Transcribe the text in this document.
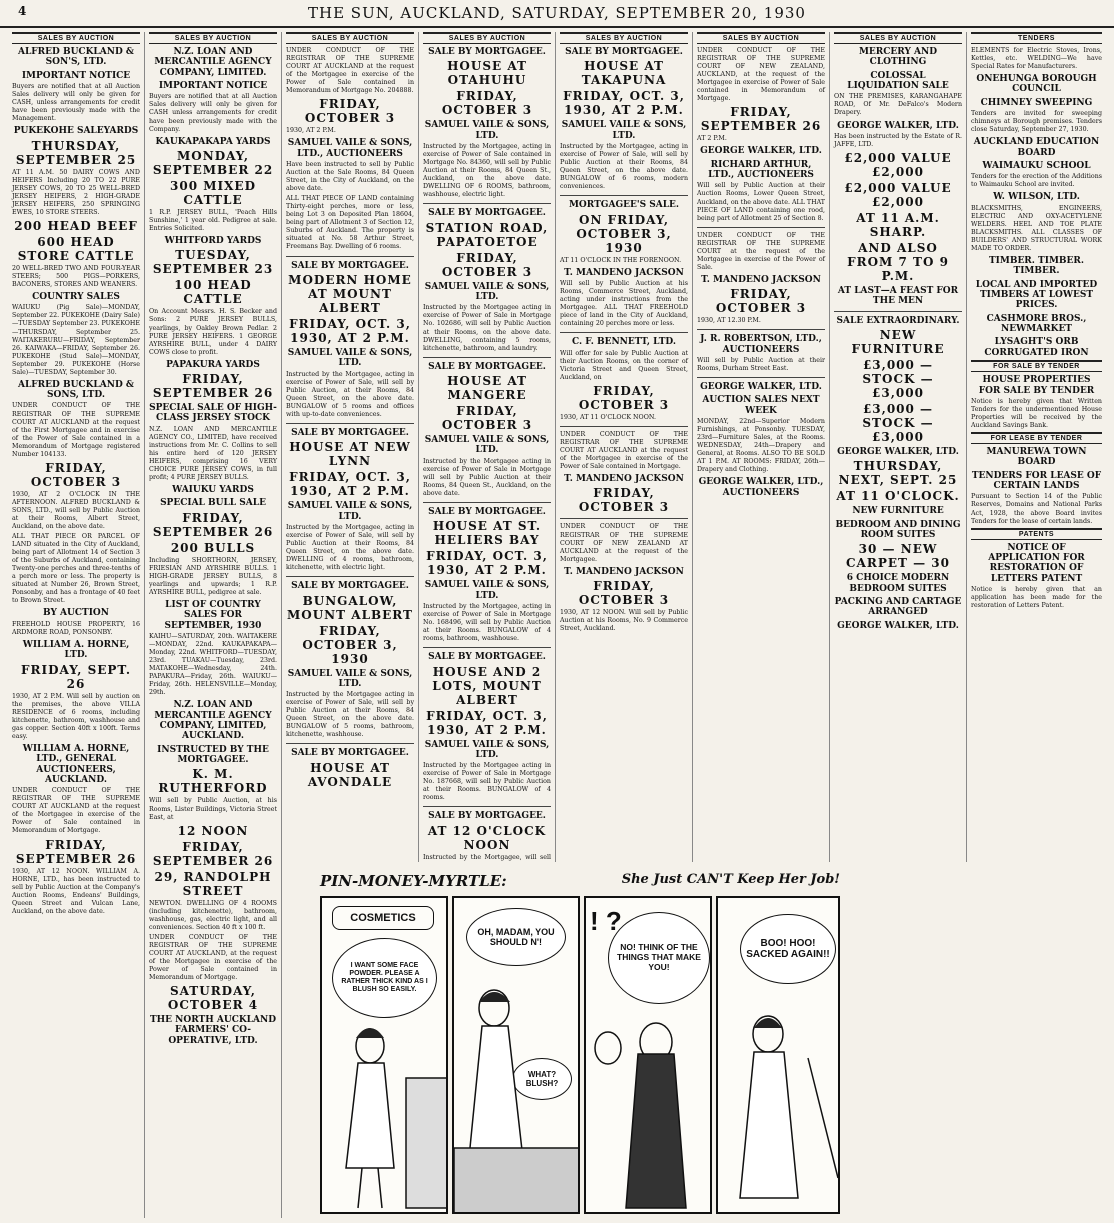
4	THE SUN, AUCKLAND, SATURDAY, SEPTEMBER 20, 1930
SALES BY AUCTION
ALFRED BUCKLAND & SON'S, LTD.
IMPORTANT NOTICE
Buyers are notified that at all Auction Sales delivery will only be given for CASH, unless arrangements for credit have been previously made with the Management.
PUKEKOHE SALEYARDS
THURSDAY, SEPTEMBER 25
AT 11 A.M. 50 DAIRY COWS AND HEIFERS Including 20 TO 22 PURE JERSEY COWS, 20 TO 25 WELL-BRED JERSEY HEIFERS, 2 HIGH-GRADE JERSEY HEIFERS, 250 SPRINGING EWES, 10 STORE STEERS.
200 HEAD BEEF
600 HEAD STORE CATTLE
20 WELL-BRED TWO AND FOUR-YEAR STEERS; 500 PIGS—PORKERS, BACONERS, STORES AND WEANERS.
COUNTRY SALES
WAIUKU (Pig Sale)—MONDAY, September 22. PUKEKOHE (Dairy Sale)—TUESDAY September 23. PUKEKOHE—THURSDAY, September 25. WAITAKERURU—FRIDAY, September 26. KAIWAKA—FRIDAY, September 26. PUKEKOHE (Stud Sale)—MONDAY, September 29. PUKEKOHE (Horse Sale)—TUESDAY, September 30.
ALFRED BUCKLAND & SONS, LTD.
UNDER CONDUCT OF THE REGISTRAR OF THE SUPREME COURT AT AUCKLAND at the request of the First Mortgagee and in exercise of the Power of Sale contained in a Memorandum of Mortgage registered Number 104133.
FRIDAY, OCTOBER 3
1930, AT 2 O'CLOCK IN THE AFTERNOON. ALFRED BUCKLAND & SONS, LTD., will sell by Public Auction at their Rooms, Albert Street, Auckland, on the above date.
ALL THAT PIECE OR PARCEL OF LAND situated in the City of Auckland, being part of Allotment 14 of Section 3 of the Suburbs of Auckland, containing Twenty-one perches and three-tenths of a perch more or less. The property is situated at Number 26, Brown Street, Ponsonby, and has a frontage of 40 feet to Brown Street.
BY AUCTION
FREEHOLD HOUSE PROPERTY, 16 ARDMORE ROAD, PONSONBY.
WILLIAM A. HORNE, LTD.
FRIDAY, SEPT. 26
1930, AT 2 P.M. Will sell by auction on the premises, the above VILLA RESIDENCE of 6 rooms, including kitchenette, bathroom, washhouse and gas copper. Section 40ft x 100ft. Terms easy.
WILLIAM A. HORNE, LTD., GENERAL AUCTIONEERS, AUCKLAND.
UNDER CONDUCT OF THE REGISTRAR OF THE SUPREME COURT AT AUCKLAND at the request of the Mortgagee in exercise of the Power of Sale contained in Memorandum of Mortgage.
FRIDAY, SEPTEMBER 26
1930, AT 12 NOON. WILLIAM A. HORNE, LTD., has been instructed to sell by Public Auction at the Company's Auction Rooms, Endeans' Buildings, Queen Street and Vulcan Lane, Auckland, on the above date.
SALES BY AUCTION
N.Z. LOAN AND MERCANTILE AGENCY COMPANY, LIMITED.
IMPORTANT NOTICE
Buyers are notified that at all Auction Sales delivery will only be given for CASH unless arrangements for credit have been previously made with the Company.
KAUKAPAKAPA YARDS
MONDAY, SEPTEMBER 22
300 MIXED CATTLE
1 R.P. JERSEY BULL, 'Peach Hills Sunshine,' 1 year old. Pedigree at sale. Entries Solicited.
WHITFORD YARDS
TUESDAY, SEPTEMBER 23
100 HEAD CATTLE
On Account Messrs. H. S. Becker and Sons: 2 PURE JERSEY BULLS, yearlings, by Oakley Brown Pedlar. 2 PURE JERSEY HEIFERS. 1 GEORGE AYRSHIRE BULL, under 4 DAIRY COWS close to profit.
PAPAKURA YARDS
FRIDAY, SEPTEMBER 26
SPECIAL SALE OF HIGH-CLASS JERSEY STOCK
N.Z. LOAN AND MERCANTILE AGENCY CO., LIMITED, have received instructions from Mr. C. Collins to sell his entire herd of 120 JERSEY HEIFERS, comprising 16 VERY CHOICE PURE JERSEY COWS, in full profit; 4 PURE JERSEY BULLS.
WAIUKU YARDS
SPECIAL BULL SALE
FRIDAY, SEPTEMBER 26
200 BULLS
Including SHORTHORN, JERSEY, FRIESIAN AND AYRSHIRE BULLS. 1 HIGH-GRADE JERSEY BULLS, 8 yearlings and upwards; 1 R.P. AYRSHIRE BULL, pedigree at sale.
LIST OF COUNTRY SALES FOR SEPTEMBER, 1930
KAIHU—SATURDAY, 20th. WAITAKERE—MONDAY, 22nd. KAUKAPAKAPA—Monday, 22nd. WHITFORD—TUESDAY, 23rd. TUAKAU—Tuesday, 23rd. MATAKOHE—Wednesday, 24th. PAPAKURA—Friday, 26th. WAIUKU—Friday, 26th. HELENSVILLE—Monday, 29th.
N.Z. LOAN AND MERCANTILE AGENCY COMPANY, LIMITED, AUCKLAND.
INSTRUCTED BY THE MORTGAGEE.
K. M. RUTHERFORD
Will sell by Public Auction, at his Rooms, Lister Buildings, Victoria Street East, at
12 NOON
FRIDAY, SEPTEMBER 26
29, RANDOLPH STREET
NEWTON. DWELLING OF 4 ROOMS (including kitchenette), bathroom, washhouse, gas, electric light, and all conveniences. Section 40 ft x 100 ft.
UNDER CONDUCT OF THE REGISTRAR OF THE SUPREME COURT AT AUCKLAND, at the request of the Mortgagee in exercise of the Power of Sale contained in Memorandum of Mortgage.
SATURDAY, OCTOBER 4
THE NORTH AUCKLAND FARMERS' CO-OPERATIVE, LTD.
SALES BY AUCTION
UNDER CONDUCT OF THE REGISTRAR OF THE SUPREME COURT AT AUCKLAND at the request of the Mortgagee in exercise of the Power of Sale contained in Memorandum of Mortgage No. 204888.
FRIDAY, OCTOBER 3
1930, AT 2 P.M.
SAMUEL VAILE & SONS, LTD., AUCTIONEERS
Have been instructed to sell by Public Auction at the Sale Rooms, 84 Queen Street, in the City of Auckland, on the above date.
ALL THAT PIECE OF LAND containing Thirty-eight perches, more or less, being Lot 3 on Deposited Plan 18604, being part of Allotment 3 of Section 12, Suburbs of Auckland. The property is situated at No. 58 Arthur Street, Freemans Bay. Dwelling of 6 rooms.
SALE BY MORTGAGEE.
MODERN HOME AT MOUNT ALBERT
FRIDAY, OCT. 3, 1930, AT 2 P.M.
SAMUEL VAILE & SONS, LTD.
Instructed by the Mortgagee, acting in exercise of Power of Sale, will sell by Public Auction, at their Rooms, 84 Queen Street, on the above date. BUNGALOW of 5 rooms and offices with up-to-date conveniences.
SALE BY MORTGAGEE.
HOUSE AT NEW LYNN
FRIDAY, OCT. 3, 1930, AT 2 P.M.
SAMUEL VAILE & SONS, LTD.
Instructed by the Mortgagee, acting in exercise of Power of Sale, will sell by Public Auction at their Rooms, 84 Queen Street, on the above date. DWELLING of 4 rooms, bathroom, kitchenette, with electric light.
SALE BY MORTGAGEE.
BUNGALOW, MOUNT ALBERT
FRIDAY, OCTOBER 3, 1930
SAMUEL VAILE & SONS, LTD.
Instructed by the Mortgagee acting in exercise of Power of Sale, will sell by Public Auction at their Rooms, 84 Queen Street, on the above date. BUNGALOW of 5 rooms, bathroom, kitchenette, washhouse.
SALE BY MORTGAGEE.
HOUSE AT AVONDALE
SALES BY AUCTION
SALE BY MORTGAGEE.
HOUSE AT OTAHUHU
FRIDAY, OCTOBER 3
SAMUEL VAILE & SONS, LTD.
Instructed by the Mortgagee, acting in exercise of Power of Sale contained in Mortgage No. 84360, will sell by Public Auction at their Rooms, 84 Queen St., Auckland, on the above date. DWELLING OF 6 ROOMS, bathroom, washhouse, electric light.
SALE BY MORTGAGEE.
STATION ROAD, PAPATOETOE
FRIDAY, OCTOBER 3
SAMUEL VAILE & SONS, LTD.
Instructed by the Mortgagee acting in exercise of Power of Sale in Mortgage No. 102686, will sell by Public Auction at their Rooms, on the above date. DWELLING, containing 5 rooms, kitchenette, bathroom, and laundry.
SALE BY MORTGAGEE.
HOUSE AT MANGERE
FRIDAY, OCTOBER 3
SAMUEL VAILE & SONS, LTD.
Instructed by the Mortgagee acting in exercise of Power of Sale in Mortgage will sell by Public Auction at their Rooms, 84 Queen St., Auckland, on the above date.
SALE BY MORTGAGEE.
HOUSE AT ST. HELIERS BAY
FRIDAY, OCT. 3, 1930, AT 2 P.M.
SAMUEL VAILE & SONS, LTD.
Instructed by the Mortgagee, acting in exercise of Power of Sale in Mortgage No. 168496, will sell by Public Auction at their Rooms. BUNGALOW of 4 rooms, bathroom, washhouse.
SALE BY MORTGAGEE.
HOUSE AND 2 LOTS, MOUNT ALBERT
FRIDAY, OCT. 3, 1930, AT 2 P.M.
SAMUEL VAILE & SONS, LTD.
Instructed by the Mortgagee acting in exercise of Power of Sale in Mortgage No. 187668, will sell by Public Auction at their Rooms. BUNGALOW of 4 rooms.
SALE BY MORTGAGEE.
AT 12 O'CLOCK NOON
Instructed by the Mortgagee, will sell
SALES BY AUCTION
SALE BY MORTGAGEE.
HOUSE AT TAKAPUNA
FRIDAY, OCT. 3, 1930, AT 2 P.M.
SAMUEL VAILE & SONS, LTD.
Instructed by the Mortgagee, acting in exercise of Power of Sale, will sell by Public Auction at their Rooms, 84 Queen Street, on the above date. BUNGALOW of 6 rooms, modern conveniences.
MORTGAGEE'S SALE.
ON FRIDAY, OCTOBER 3, 1930
AT 11 O'CLOCK IN THE FORENOON.
T. MANDENO JACKSON
Will sell by Public Auction at his Rooms, Commerce Street, Auckland, acting under instructions from the Mortgagee. ALL THAT FREEHOLD piece of land in the City of Auckland, containing 20 perches more or less.
C. F. BENNETT, LTD.
Will offer for sale by Public Auction at their Auction Rooms, on the corner of Victoria Street and Queen Street, Auckland, on
FRIDAY, OCTOBER 3
1930, AT 11 O'CLOCK NOON.
UNDER CONDUCT OF THE REGISTRAR OF THE SUPREME COURT AT AUCKLAND at the request of the Mortgagee in exercise of the Power of Sale contained in Mortgage.
T. MANDENO JACKSON
FRIDAY, OCTOBER 3
UNDER CONDUCT OF THE REGISTRAR OF THE SUPREME COURT OF NEW ZEALAND AT AUCKLAND at the request of the Mortgagee.
T. MANDENO JACKSON
FRIDAY, OCTOBER 3
1930, AT 12 NOON. Will sell by Public Auction at his Rooms, No. 9 Commerce Street, Auckland.
SALES BY AUCTION
UNDER CONDUCT OF THE REGISTRAR OF THE SUPREME COURT OF NEW ZEALAND, AUCKLAND, at the request of the Mortgagee in exercise of Power of Sale contained in Memorandum of Mortgage.
FRIDAY, SEPTEMBER 26
AT 2 P.M.
GEORGE WALKER, LTD.
RICHARD ARTHUR, LTD., AUCTIONEERS
Will sell by Public Auction at their Auction Rooms, Lower Queen Street, Auckland, on the above date. ALL THAT PIECE OF LAND containing one rood, being part of Allotment 25 of Section 8.
UNDER CONDUCT OF THE REGISTRAR OF THE SUPREME COURT at the request of the Mortgagee in exercise of the Power of Sale.
T. MANDENO JACKSON
FRIDAY, OCTOBER 3
1930, AT 12.30 P.M.
J. R. ROBERTSON, LTD., AUCTIONEERS
Will sell by Public Auction at their Rooms, Durham Street East.
GEORGE WALKER, LTD.
AUCTION SALES NEXT WEEK
MONDAY, 22nd—Superior Modern Furnishings, at Ponsonby. TUESDAY, 23rd—Furniture Sales, at the Rooms. WEDNESDAY, 24th—Drapery and General, at Rooms. ALSO TO BE SOLD AT 1 P.M. AT ROOMS: FRIDAY, 26th—Drapery and Clothing.
GEORGE WALKER, LTD., AUCTIONEERS
SALES BY AUCTION
MERCERY AND CLOTHING
COLOSSAL LIQUIDATION SALE
ON THE PREMISES, KARANGAHAPE ROAD, Of Mr. DeFalco's Modern Drapery.
GEORGE WALKER, LTD.
Has been instructed by the Estate of R. JAFFE, LTD.
£2,000 VALUE £2,000
£2,000 VALUE £2,000
AT 11 A.M. SHARP.
AND ALSO FROM 7 TO 9 P.M.
AT LAST—A FEAST FOR THE MEN
SALE EXTRAORDINARY.
NEW FURNITURE
£3,000 — STOCK — £3,000
£3,000 — STOCK — £3,000
GEORGE WALKER, LTD.
THURSDAY, NEXT, SEPT. 25
AT 11 O'CLOCK.
NEW FURNITURE
BEDROOM AND DINING ROOM SUITES
30 — NEW CARPET — 30
6 CHOICE MODERN BEDROOM SUITES
PACKING AND CARTAGE ARRANGED
GEORGE WALKER, LTD.
TENDERS
ELEMENTS for Electric Stoves, Irons, Kettles, etc. WELDING—We have Special Rates for Manufacturers.
ONEHUNGA BOROUGH COUNCIL
CHIMNEY SWEEPING
Tenders are invited for sweeping chimneys at Borough premises. Tenders close Saturday, September 27, 1930.
AUCKLAND EDUCATION BOARD
WAIMAUKU SCHOOL
Tenders for the erection of the Additions to Waimauku School are invited.
W. WILSON, LTD.
BLACKSMITHS, ENGINEERS, ELECTRIC AND OXY-ACETYLENE WELDERS. HEEL AND TOE PLATE BLACKSMITHS. ALL CLASSES OF BUILDERS' AND STRUCTURAL WORK MADE TO ORDER.
TIMBER. TIMBER. TIMBER.
LOCAL AND IMPORTED TIMBERS AT LOWEST PRICES.
CASHMORE BROS., NEWMARKET
LYSAGHT'S ORB CORRUGATED IRON
FOR SALE BY TENDER
HOUSE PROPERTIES FOR SALE BY TENDER
Notice is hereby given that Written Tenders for the undermentioned House Properties will be received by the Auckland Savings Bank.
FOR LEASE BY TENDER
MANUREWA TOWN BOARD
TENDERS FOR LEASE OF CERTAIN LANDS
Pursuant to Section 14 of the Public Reserves, Domains and National Parks Act, 1928, the above Board invites Tenders for the lease of certain lands.
PATENTS
NOTICE OF APPLICATION FOR RESTORATION OF LETTERS PATENT
Notice is hereby given that an application has been made for the restoration of Letters Patent.
PIN-MONEY-MYRTLE:	She Just CAN'T Keep Her Job!
COSMETICS
I WANT SOME FACE POWDER. PLEASE A RATHER THICK KIND AS I BLUSH SO EASILY.
OH, MADAM, YOU SHOULD N'!
WHAT? BLUSH?
! ?
NO! THINK OF THE THINGS THAT MAKE YOU!
BOO! HOO! SACKED AGAIN!!
